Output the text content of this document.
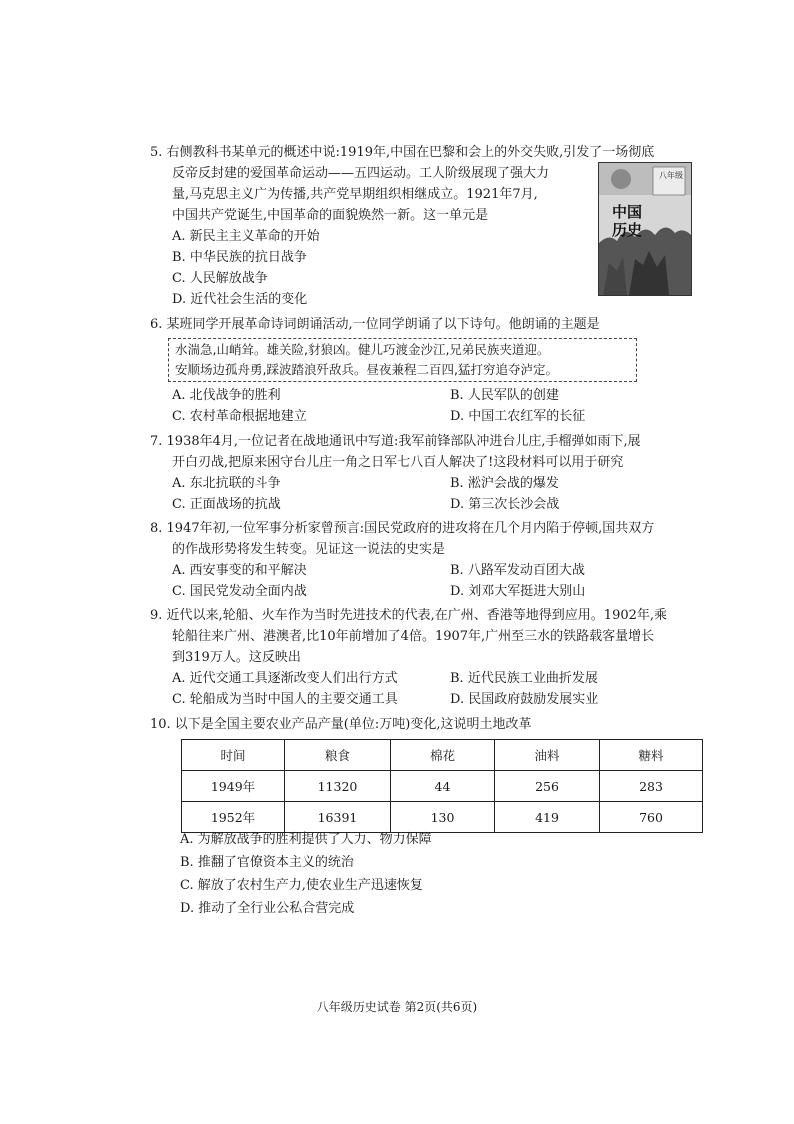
5. 右侧教科书某单元的概述中说:1919年,中国在巴黎和会上的外交失败,引发了一场彻底
反帝反封建的爱国革命运动——五四运动。工人阶级展现了强大力
量,马克思主义广为传播,共产党早期组织相继成立。1921年7月,
中国共产党诞生,中国革命的面貌焕然一新。这一单元是
A. 新民主主义革命的开始
B. 中华民族的抗日战争
C. 人民解放战争
D. 近代社会生活的变化
八年级
中国
历史
6. 某班同学开展革命诗词朗诵活动,一位同学朗诵了以下诗句。他朗诵的主题是
水湍急,山峭耸。雄关险,豺狼凶。健儿巧渡金沙江,兄弟民族夹道迎。
安顺场边孤舟勇,踩波踏浪歼敌兵。昼夜兼程二百四,猛打穷追夺泸定。
A. 北伐战争的胜利	B. 人民军队的创建
C. 农村革命根据地建立	D. 中国工农红军的长征
7. 1938年4月,一位记者在战地通讯中写道:我军前锋部队冲进台儿庄,手榴弹如雨下,展
开白刃战,把原来困守台儿庄一角之日军七八百人解决了!这段材料可以用于研究
A. 东北抗联的斗争	B. 淞沪会战的爆发
C. 正面战场的抗战	D. 第三次长沙会战
8. 1947年初,一位军事分析家曾预言:国民党政府的进攻将在几个月内陷于停顿,国共双方
的作战形势将发生转变。见证这一说法的史实是
A. 西安事变的和平解决	B. 八路军发动百团大战
C. 国民党发动全面内战	D. 刘邓大军挺进大别山
9. 近代以来,轮船、火车作为当时先进技术的代表,在广州、香港等地得到应用。1902年,乘
轮船往来广州、港澳者,比10年前增加了4倍。1907年,广州至三水的铁路载客量增长
到319万人。这反映出
A. 近代交通工具逐渐改变人们出行方式	B. 近代民族工业曲折发展
C. 轮船成为当时中国人的主要交通工具	D. 民国政府鼓励发展实业
10. 以下是全国主要农业产品产量(单位:万吨)变化,这说明土地改革
时间	粮食	棉花	油料	糖料
1949年	11320	44	256	283
1952年	16391	130	419	760
A. 为解放战争的胜利提供了人力、物力保障
B. 推翻了官僚资本主义的统治
C. 解放了农村生产力,使农业生产迅速恢复
D. 推动了全行业公私合营完成
八年级历史试卷 第2页(共6页)
